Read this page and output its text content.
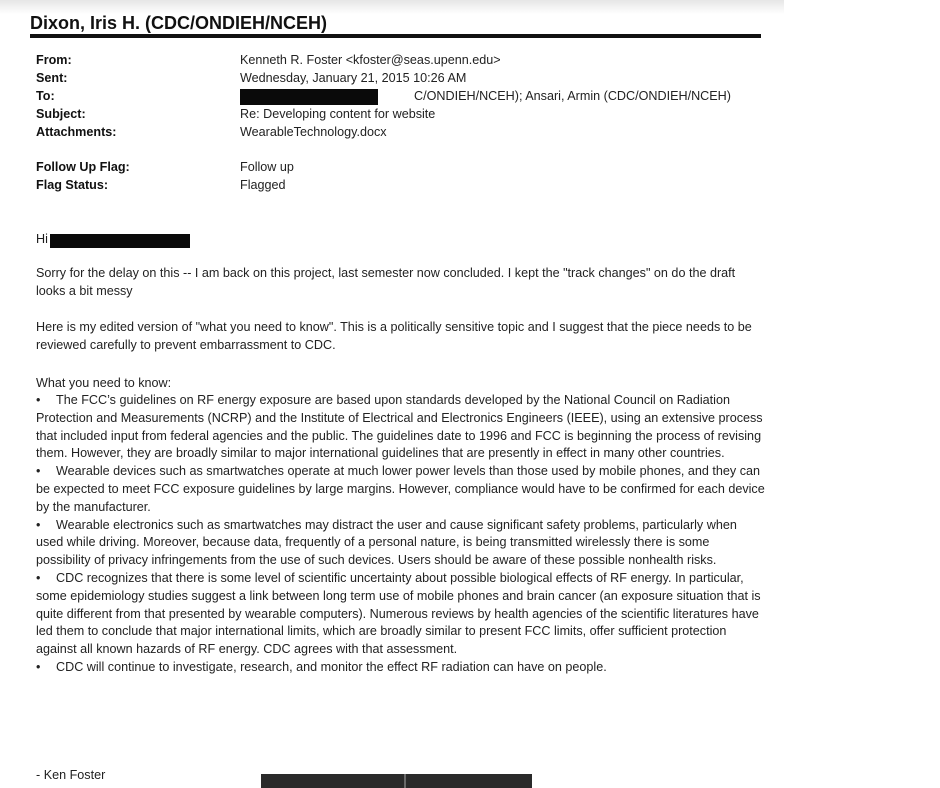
Dixon, Iris H. (CDC/ONDIEH/NCEH)
From:	Kenneth R. Foster <kfoster@seas.upenn.edu>
Sent:	Wednesday, January 21, 2015 10:26 AM
To:	C/ONDIEH/NCEH); Ansari, Armin (CDC/ONDIEH/NCEH)
Subject:	Re: Developing content for website
Attachments:	WearableTechnology.docx
Follow Up Flag:	Follow up
Flag Status:	Flagged
Hi
Sorry for the delay on this -- I am back on this project, last semester now concluded. I kept the "track changes" on do the draft looks a bit messy
Here is my edited version of "what you need to know". This is a politically sensitive topic and I suggest that the piece needs to be reviewed carefully to prevent embarrassment to CDC.
What you need to know:
• The FCC’s guidelines on RF energy exposure are based upon standards developed by the National Council on Radiation Protection and Measurements (NCRP) and the Institute of Electrical and Electronics Engineers (IEEE), using an extensive process that included input from federal agencies and the public. The guidelines date to 1996 and FCC is beginning the process of revising them. However, they are broadly similar to major international guidelines that are presently in effect in many other countries.
• Wearable devices such as smartwatches operate at much lower power levels than those used by mobile phones, and they can be expected to meet FCC exposure guidelines by large margins. However, compliance would have to be confirmed for each device by the manufacturer.
• Wearable electronics such as smartwatches may distract the user and cause significant safety problems, particularly when used while driving. Moreover, because data, frequently of a personal nature, is being transmitted wirelessly there is some possibility of privacy infringements from the use of such devices. Users should be aware of these possible nonhealth risks.
• CDC recognizes that there is some level of scientific uncertainty about possible biological effects of RF energy. In particular, some epidemiology studies suggest a link between long term use of mobile phones and brain cancer (an exposure situation that is quite different from that presented by wearable computers). Numerous reviews by health agencies of the scientific literatures have led them to conclude that major international limits, which are broadly similar to present FCC limits, offer sufficient protection against all known hazards of RF energy. CDC agrees with that assessment.
• CDC will continue to investigate, research, and monitor the effect RF radiation can have on people.
- Ken Foster
